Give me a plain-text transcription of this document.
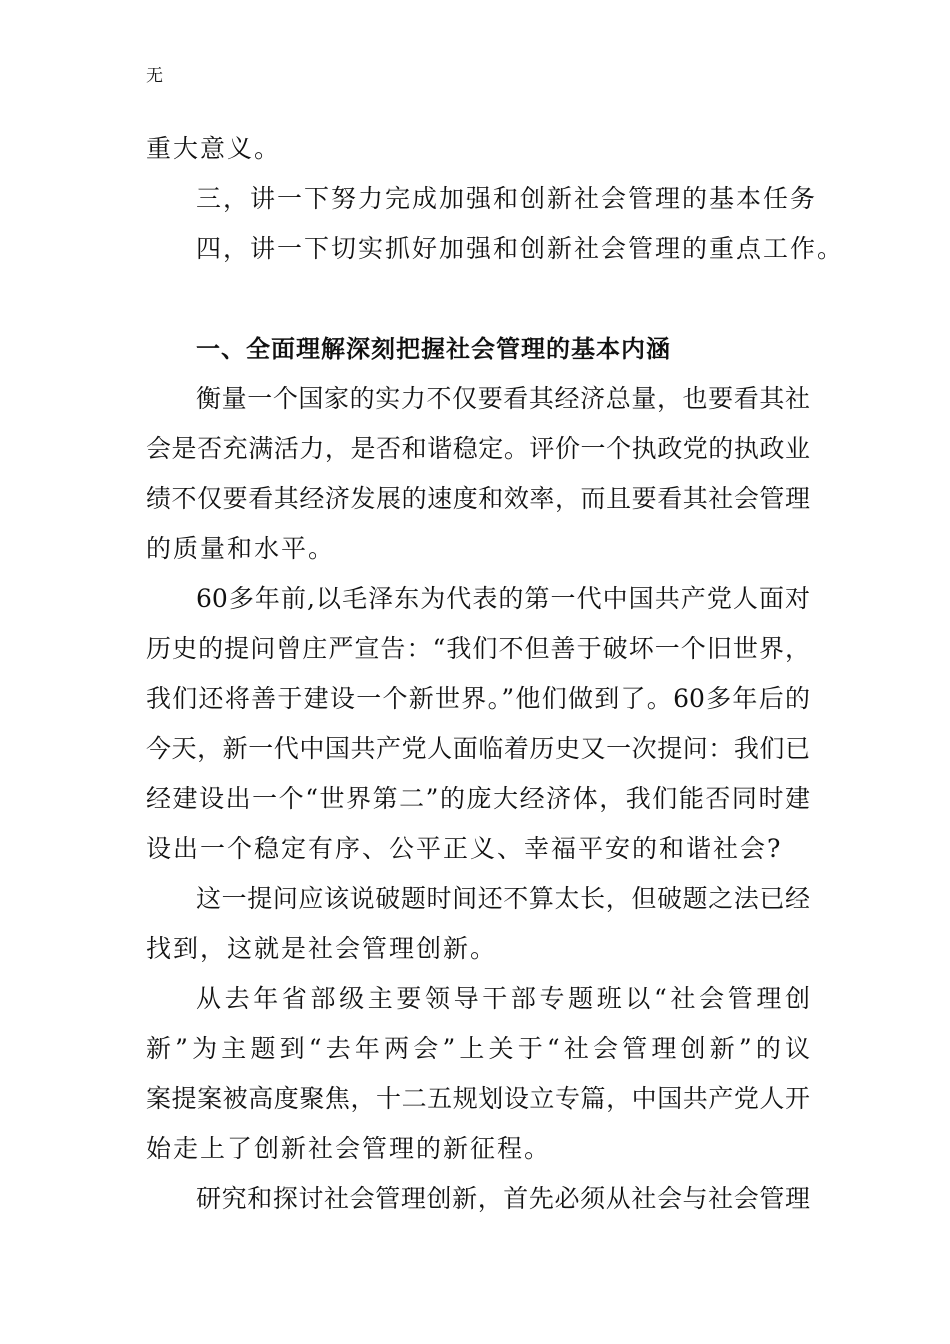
无
重大意义。
三，讲一下努力完成加强和创新社会管理的基本任务
四，讲一下切实抓好加强和创新社会管理的重点工作。
一、全面理解深刻把握社会管理的基本内涵
衡量一个国家的实力不仅要看其经济总量，也要看其社
会是否充满活力，是否和谐稳定。评价一个执政党的执政业
绩不仅要看其经济发展的速度和效率，而且要看其社会管理
的质量和水平。
60多年前,以毛泽东为代表的第一代中国共产党人面对
历史的提问曾庄严宣告：“我们不但善于破坏一个旧世界，
我们还将善于建设一个新世界。”他们做到了。60多年后的
今天，新一代中国共产党人面临着历史又一次提问：我们已
经建设出一个“世界第二”的庞大经济体，我们能否同时建
设出一个稳定有序、公平正义、幸福平安的和谐社会?
这一提问应该说破题时间还不算太长，但破题之法已经
找到，这就是社会管理创新。
从去年省部级主要领导干部专题班以“社会管理创
新”为主题到“去年两会”上关于“社会管理创新”的议
案提案被高度聚焦，十二五规划设立专篇，中国共产党人开
始走上了创新社会管理的新征程。
研究和探讨社会管理创新，首先必须从社会与社会管理
